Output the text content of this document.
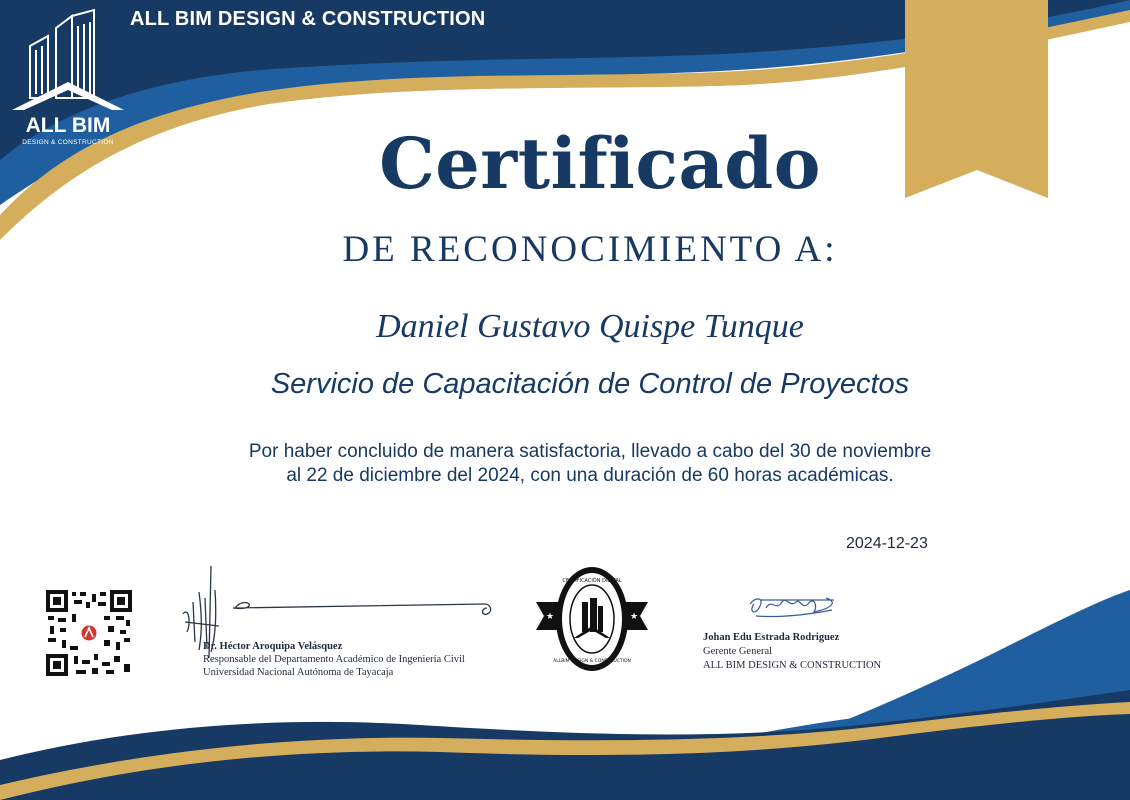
ALL BIM
DESIGN & CONSTRUCTION
ALL BIM DESIGN & CONSTRUCTION
Certificado
DE RECONOCIMIENTO A:
Daniel Gustavo Quispe Tunque
Servicio de Capacitación de Control de Proyectos
Por haber concluido de manera satisfactoria, llevado a cabo del 30 de noviembre
al 22 de diciembre del 2024, con una duración de 60 horas académicas.
2024-12-23
Dr. Héctor Aroquipa Velásquez
Responsable del Departamento Académico de Ingeniería Civil
Universidad Nacional Autónoma de Tayacaja
CERTIFICACIÓN DIGITAL
ALLBIM DESIGN & CONSTRUCTION
★	★
Johan Edu Estrada Rodriguez
Gerente General
ALL BIM DESIGN & CONSTRUCTION
